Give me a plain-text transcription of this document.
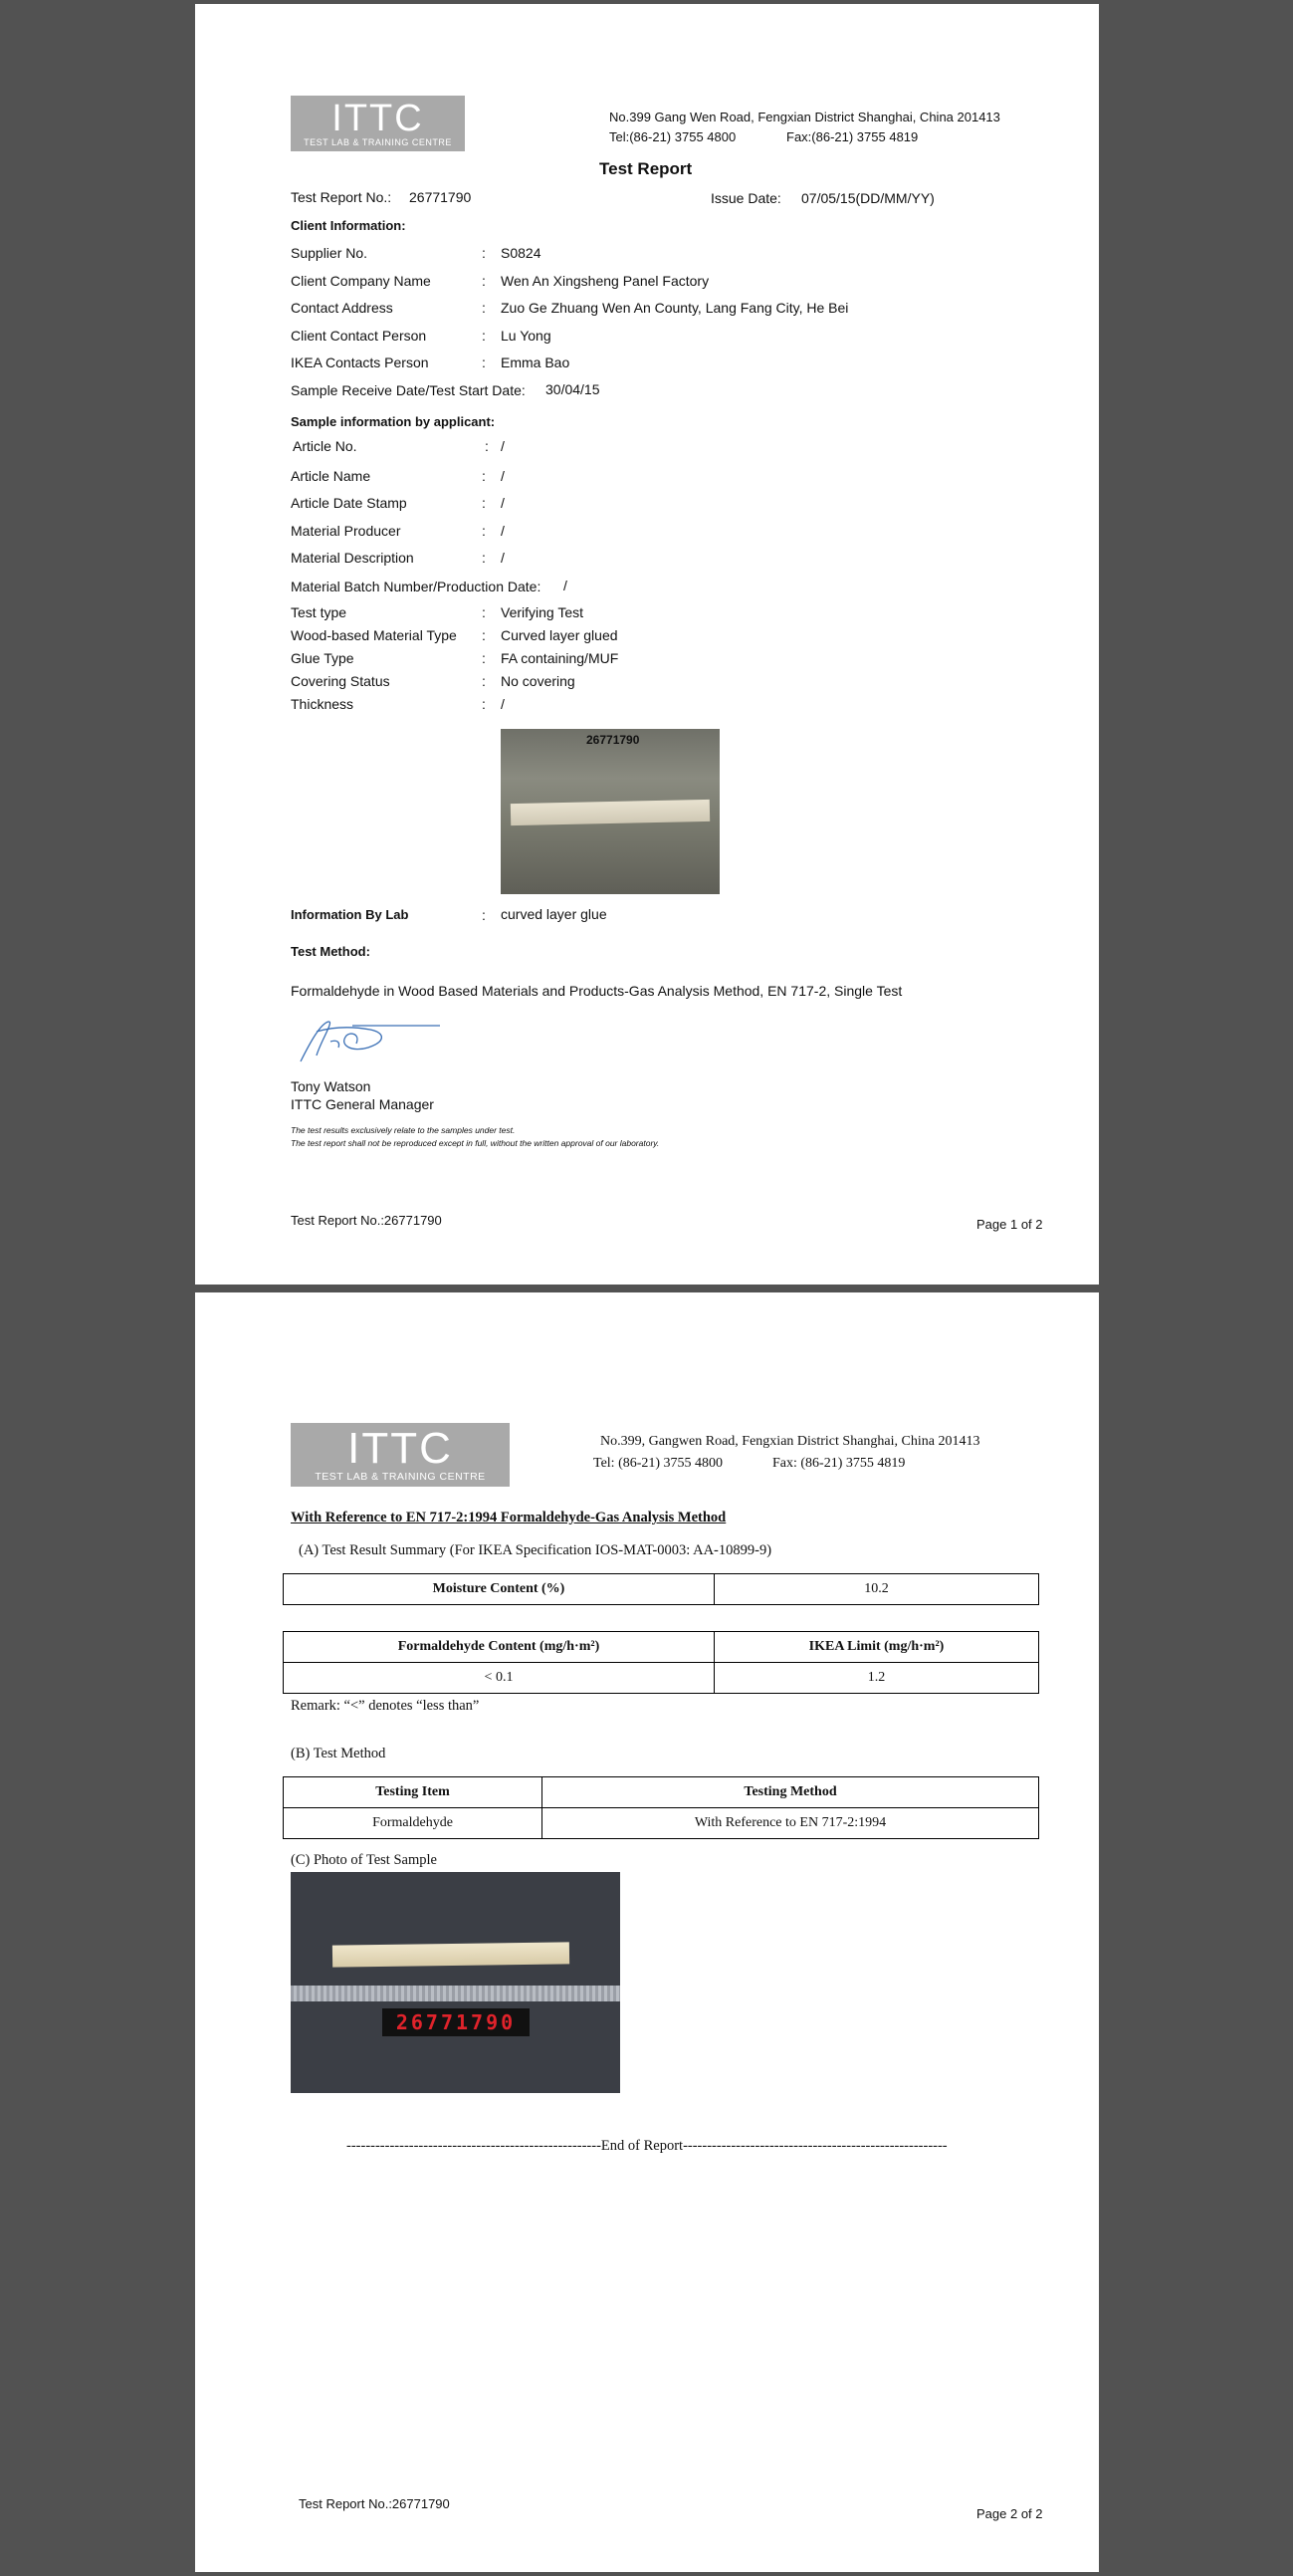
ITTC
TEST LAB & TRAINING CENTRE
No.399 Gang Wen Road, Fengxian District Shanghai, China 201413
Tel:(86-21) 3755 4800	Fax:(86-21) 3755 4819
Test Report
Test Report No.: 26771790	Issue Date: 07/05/15(DD/MM/YY)
Client Information:
Supplier No.	: S0824
Client Company Name	: Wen An Xingsheng Panel Factory
Contact Address	: Zuo Ge Zhuang Wen An County, Lang Fang City, He Bei
Client Contact Person	: Lu Yong
IKEA Contacts Person	: Emma Bao
Sample Receive Date/Test Start Date: 30/04/15
Sample information by applicant:
Article No.	: /
Article Name	: /
Article Date Stamp	: /
Material Producer	: /
Material Description	: /
Material Batch Number/Production Date: /
Test type	: Verifying Test
Wood-based Material Type : Curved layer glued
Glue Type	: FA containing/MUF
Covering Status	: No covering
Thickness	: /
26771790
Information By Lab	: curved layer glue
Test Method:
Formaldehyde in Wood Based Materials and Products-Gas Analysis Method, EN 717-2, Single Test
Tony Watson
ITTC General Manager
The test results exclusively relate to the samples under test.
The test report shall not be reproduced except in full, without the written approval of our laboratory.
Test Report No.:26771790	Page 1 of 2
ITTC
TEST LAB & TRAINING CENTRE
No.399, Gangwen Road, Fengxian District Shanghai, China 201413
Tel: (86-21) 3755 4800	Fax: (86-21) 3755 4819
With Reference to EN 717-2:1994 Formaldehyde-Gas Analysis Method
(A) Test Result Summary (For IKEA Specification IOS-MAT-0003: AA-10899-9)
Moisture Content (%)	10.2
Formaldehyde Content (mg/h·m²)	IKEA Limit (mg/h·m²)
< 0.1	1.2
Remark: “<” denotes “less than”
(B) Test Method
Testing Item	Testing Method
Formaldehyde	With Reference to EN 717-2:1994
(C) Photo of Test Sample
26771790
-----------------------------------------------------End of Report-------------------------------------------------------
Test Report No.:26771790
Page 2 of 2
